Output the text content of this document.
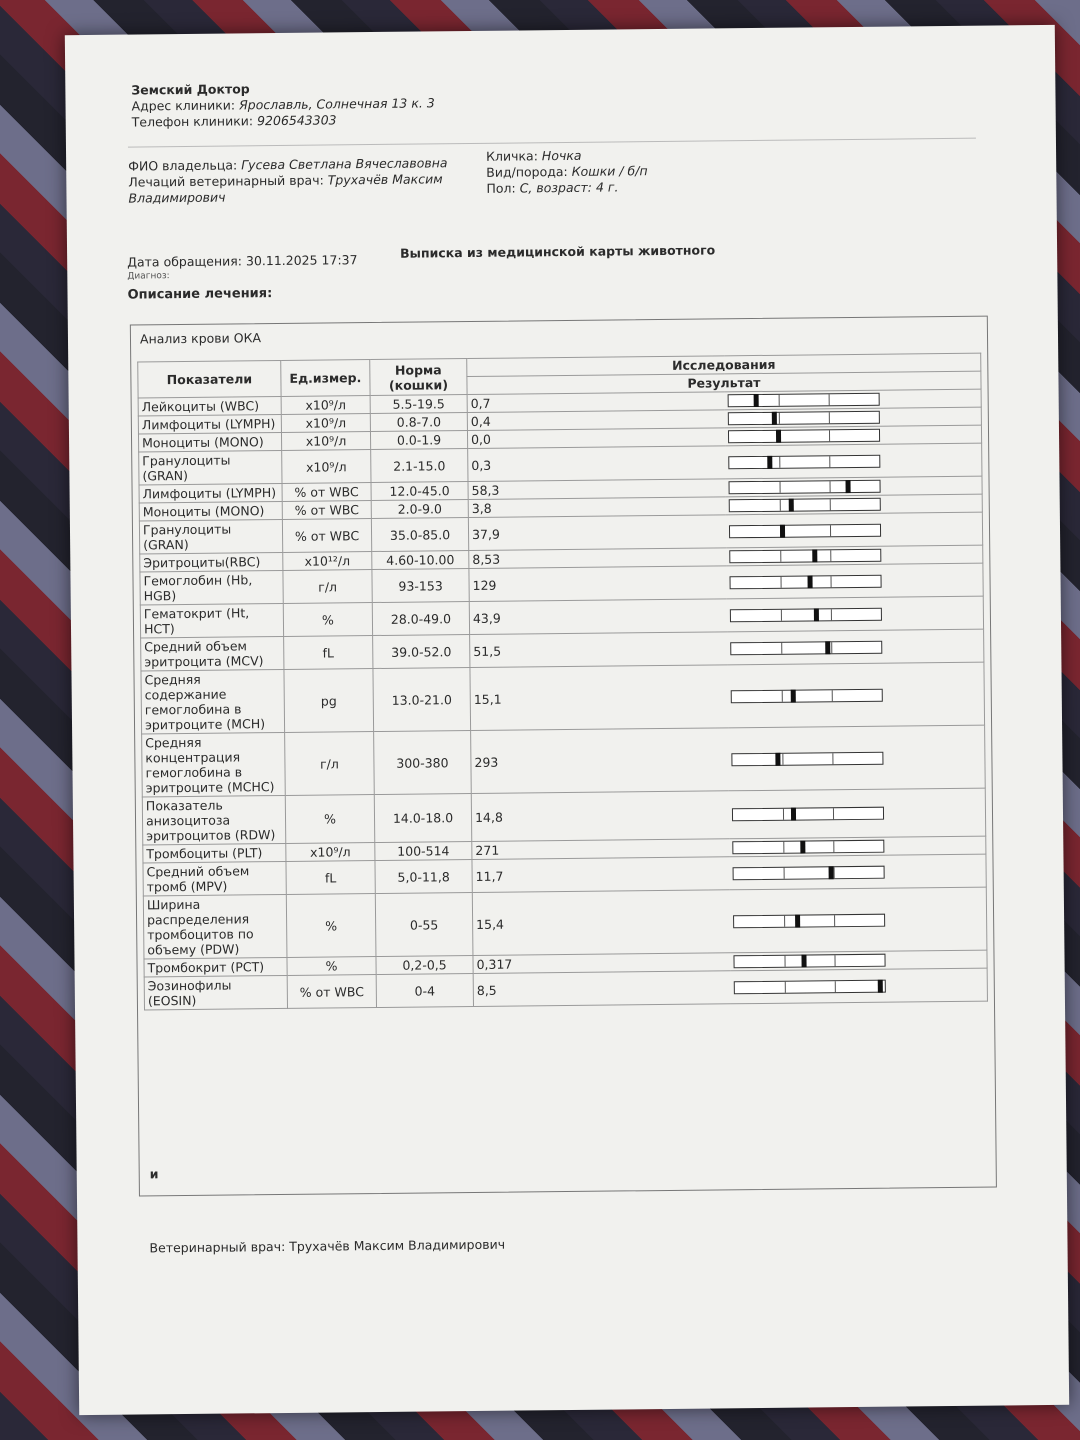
Земский Доктор
Адрес клиники: Ярославль, Солнечная 13 к. 3
Телефон клиники: 9206543303
ФИО владельца: Гусева Светлана Вячеславовна
Лечаций ветеринарный врач: Трухачёв Максим Владимирович
Кличка: Ночка
Вид/порода: Кошки / б/п
Пол: С, возраст: 4 г.
Дата обращения: 30.11.2025 17:37
Диагноз:
Описание лечения:
Выписка из медицинской карты животного
Анализ крови ОКА
Показатели	Ед.измер.	Норма (кошки)	Исследования	
			Результат	
Лейкоциты (WBC)	x10⁹/л	5.5-19.5	0,7	

Лимфоциты (LYMPH)	x10⁹/л	0.8-7.0	0,4	

Моноциты (MONO)	x10⁹/л	0.0-1.9	0,0	

Гранулоциты (GRAN)	x10⁹/л	2.1-15.0	0,3	

Лимфоциты (LYMPH)	% от WBC	12.0-45.0	58,3	

Моноциты (MONO)	% от WBC	2.0-9.0	3,8	

Гранулоциты (GRAN)	% от WBC	35.0-85.0	37,9	

Эритроциты(RBC)	x10¹²/л	4.60-10.00	8,53	

Гемоглобин (Hb, HGB)	г/л	93-153	129	

Гематокрит (Ht, HCT)	%	28.0-49.0	43,9	

Средний объем эритроцита (MCV)	fL	39.0-52.0	51,5	

Средняя содержание гемоглобина в эритроците (MCH)	pg	13.0-21.0	15,1	

Средняя концентрация гемоглобина в эритроците (MCHC)	г/л	300-380	293	

Показатель анизоцитоза эритроцитов (RDW)	%	14.0-18.0	14,8	

Тромбоциты (PLT)	x10⁹/л	100-514	271	

Средний объем тромб (MPV)	fL	5,0-11,8	11,7	

Ширина распределения тромбоцитов по объему (PDW)	%	0-55	15,4	

Тромбокрит (PCT)	%	0,2-0,5	0,317	

Эозинофилы (EOSIN)	% от WBC	0-4	8,5	
и
Ветеринарный врач: Трухачёв Максим Владимирович
